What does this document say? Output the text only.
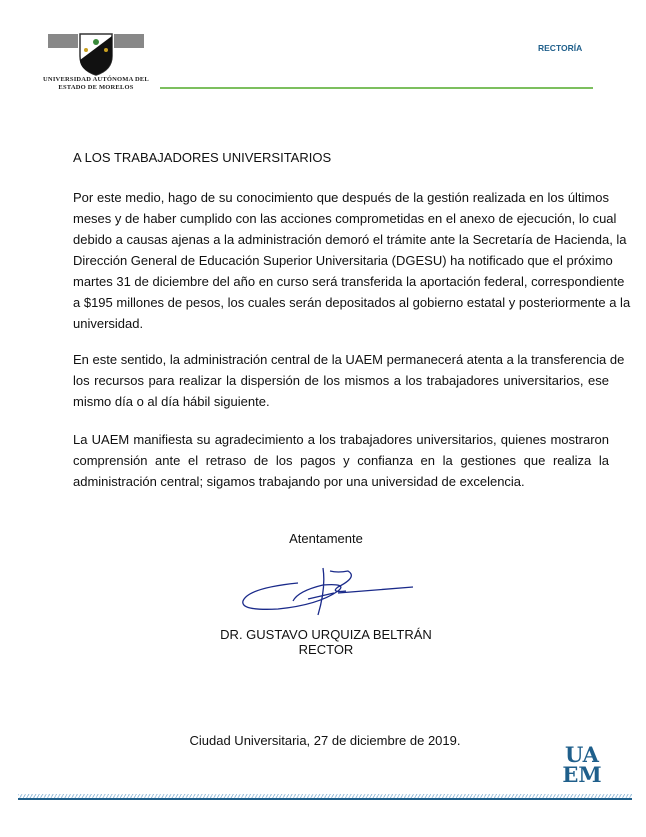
UNIVERSIDAD AUTÓNOMA DEL
ESTADO DE MORELOS
RECTORÍA
A LOS TRABAJADORES UNIVERSITARIOS
Por este medio, hago de su conocimiento que después de la gestión realizada en los últimos
meses y de haber cumplido con las acciones comprometidas en el anexo de ejecución, lo cual
debido a causas ajenas a la administración demoró el trámite ante la Secretaría de Hacienda, la
Dirección General de Educación Superior Universitaria (DGESU) ha notificado que el próximo
martes 31 de diciembre del año en curso será transferida la aportación federal, correspondiente
a $195 millones de pesos, los cuales serán depositados al gobierno estatal y posteriormente a la
universidad.
En este sentido, la administración central de la UAEM permanecerá atenta a la transferencia de
los recursos para realizar la dispersión de los mismos a los trabajadores universitarios, ese
mismo día o al día hábil siguiente.
La UAEM manifiesta su agradecimiento a los trabajadores universitarios, quienes mostraron
comprensión ante el retraso de los pagos y confianza en la gestiones que realiza la
administración central; sigamos trabajando por una universidad de excelencia.
Atentamente
DR. GUSTAVO URQUIZA BELTRÁN
RECTOR
Ciudad Universitaria, 27 de diciembre de 2019.
UA
EM
